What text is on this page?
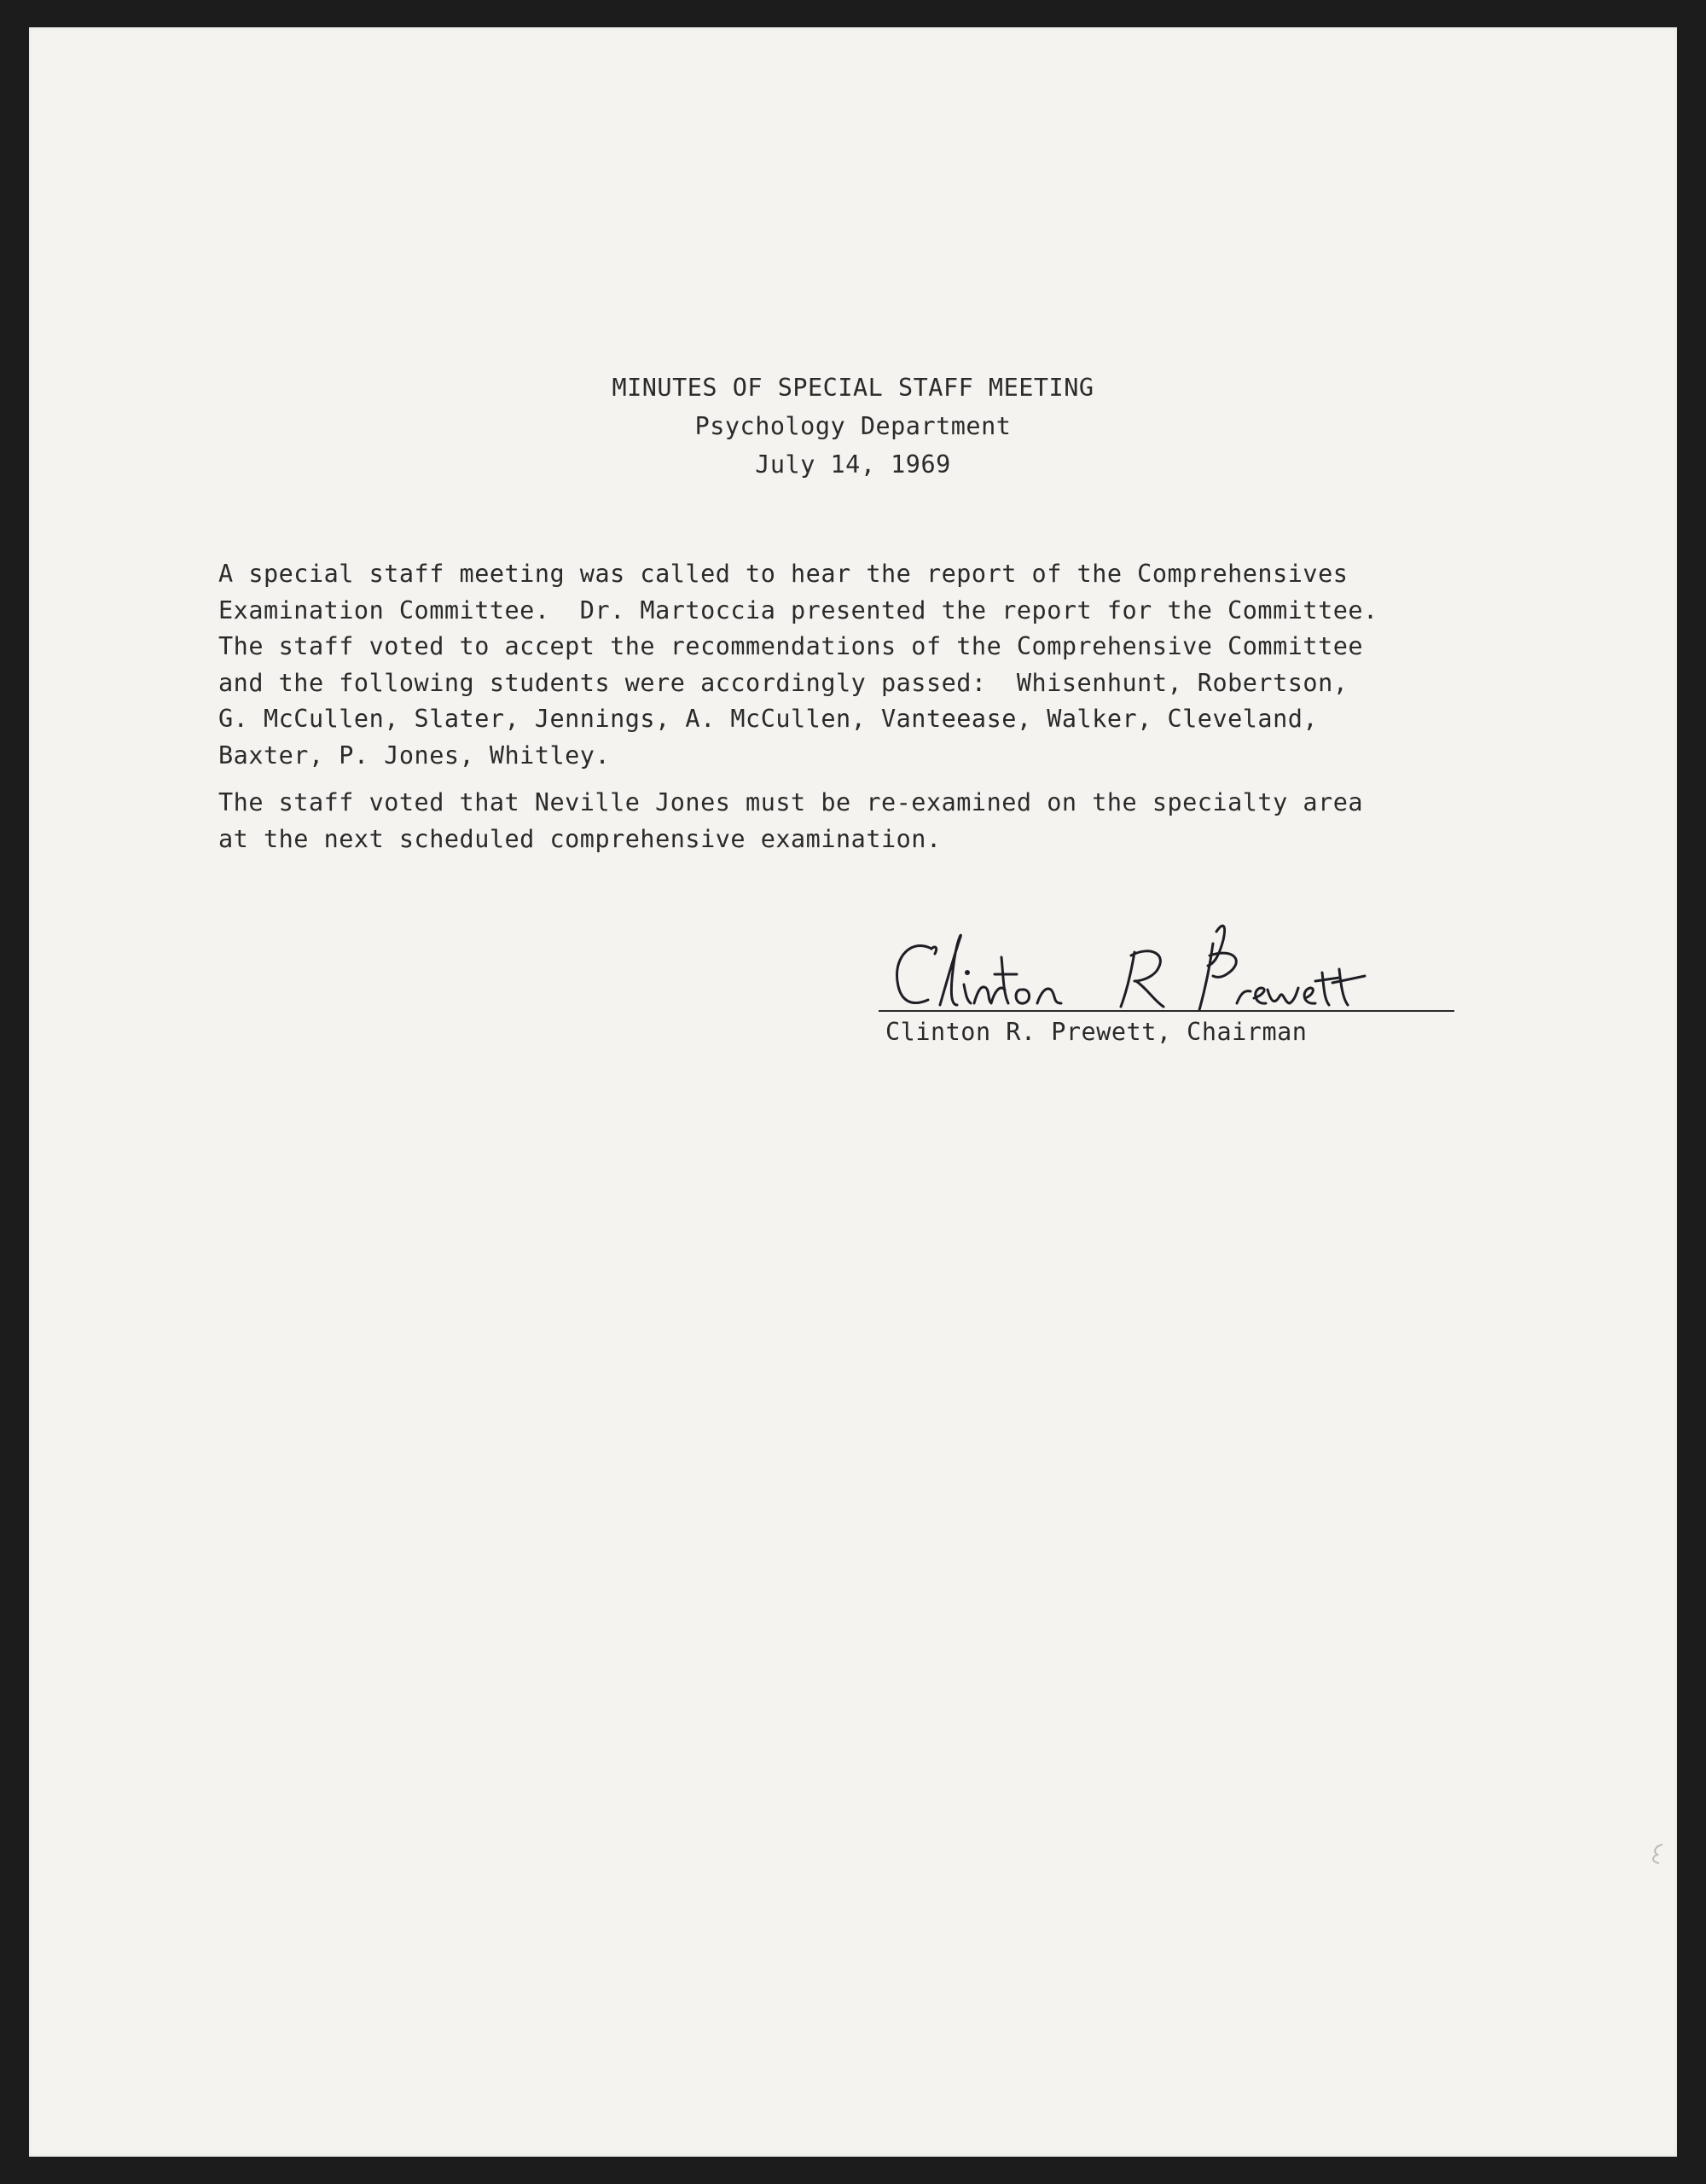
MINUTES OF SPECIAL STAFF MEETING
Psychology Department
July 14, 1969
A special staff meeting was called to hear the report of the Comprehensives
Examination Committee.  Dr. Martoccia presented the report for the Committee.
The staff voted to accept the recommendations of the Comprehensive Committee
and the following students were accordingly passed:  Whisenhunt, Robertson,
G. McCullen, Slater, Jennings, A. McCullen, Vanteease, Walker, Cleveland,
Baxter, P. Jones, Whitley.
The staff voted that Neville Jones must be re-examined on the specialty area
at the next scheduled comprehensive examination.
Clinton R. Prewett, Chairman
